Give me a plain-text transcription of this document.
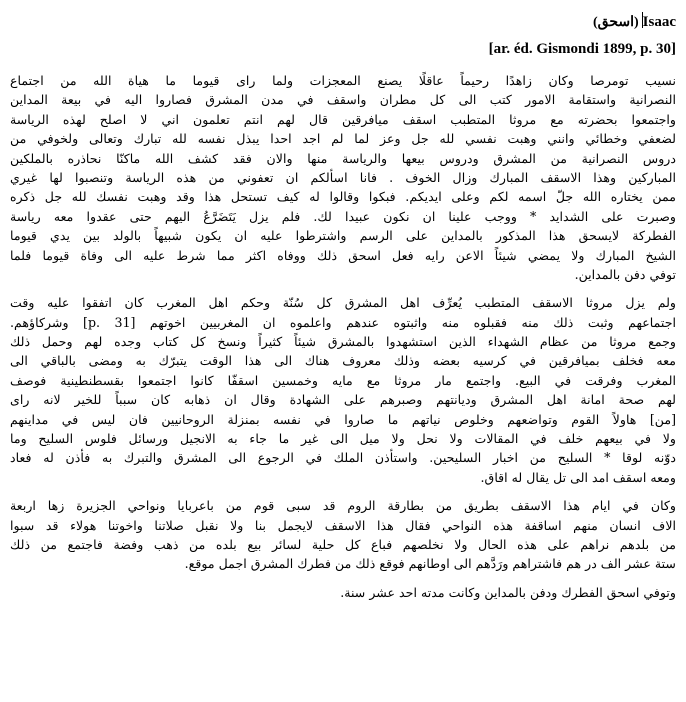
(اسحق) Isaac
[ar. éd. Gismondi 1899, p. 30]
نسيب تومرصا وكان زاهدًا رحيماً عاقلًا يصنع المعجزات ولما راى قيوما ما هياة الله من اجتماع
النصرانية واستقامة الامور كتب الى كل مطران واسقف في مدن المشرق فصاروا اليه في بيعة المداين
واجتمعوا بحضرته مع مروثا المتطبب اسقف ميافرقين قال لهم انتم تعلمون اني لا اصلح لهذه الرياسة
لضعفي وخطائي وانني وهبت نفسي لله جل وعز لما لم اجد احدا يبذل نفسه لله تبارك وتعالى ولخوفي من
دروس النصرانية من المشرق ودروس بيعها والرياسة منها والان فقد كشف الله ماكنّا نحاذره بالملكين
المباركين وهذا الاسقف المبارك وزال الخوف . فانا اسألكم ان تعفوني من هذه الرياسة وتنصبوا لها غيري
ممن يختاره الله جلّ اسمه لكم وعلى ايديكم. فبكوا وقالوا له كيف تستحل هذا وقد وهبت نفسك لله جل ذكره
وصبرت على الشدايد * ووجب علينا ان نكون عبيدا لك. فلم يزل يَتَضَرَّعُ اليهم حتى عقدوا معه رياسة
الفطركة لايسحق هذا المذكور بالمداين على الرسم واشترطوا عليه ان يكون شبيهاً بالولد بين يدي قيوما
الشيخ المبارك ولا يمضي شيئاً الاعن رايه فعل اسحق ذلك ووفاه اكثر مما شرط عليه الى وفاة قيوما فلما
توفي دفن بالمداين.
ولم يزل مروثا الاسقف المتطبب يُعرِّف اهل المشرق كل سُنّة وحكم اهل المغرب كان اتفقوا عليه وقت
اجتماعهم وثبت ذلك منه فقبلوه منه واثبتوه عندهم واعلموه ان المغربيين اخوتهم [p. 31] وشركاؤهم.
وجمع مروثا من عظام الشهداء الذين استشهدوا بالمشرق شيئاً كثيراً ونسخ كل كتاب وجده لهم وحمل ذلك
معه فخلف بميافرقين في كرسيه بعضه وذلك معروف هناك الى هذا الوقت يتبرّك به ومضى بالباقي الى
المغرب وفرقت في البيع. واجتمع مار مروثا مع مايه وخمسين اسقفّا كانوا اجتمعوا بقسطنطينية فوصف
لهم صحة امانة اهل المشرق وديانتهم وصبرهم على الشهادة وقال ان ذهابه كان سبباً للخير لانه راى
[من] هاولاً القوم وتواضعهم وخلوص نياتهم ما صاروا في نفسه بمنزلة الروحانيين فان ليس في مداينهم
ولا في بيعهم خلف في المقالات ولا نحل ولا ميل الى غير ما جاء به الانجيل ورسائل فلوس السليح وما
دوّنه لوقا * السليح من اخبار السليحين. واستأذن الملك في الرجوع الى المشرق والتبرك به فأذن له فعاد
ومعه اسقف امد الى تل يقال له اقاق.
وكان في ايام هذا الاسقف بطريق من بطارقة الروم قد سبى قوم من باعربايا ونواحي الجزيرة زها اربعة
الاف انسان منهم اساقفة هذه النواحي فقال هذا الاسقف لايجمل بنا ولا نقبل صلاتنا واخوتنا هولاء قد سبوا
من بلدهم نراهم على هذه الحال ولا نخلصهم فباع كل حلية لسائر بيع بلده من ذهب وفضة فاجتمع من ذلك
ستة عشر الف در هم فاشتراهم ورَدَّهم الى اوطانهم فوقع ذلك من فطرك المشرق اجمل موقع.
وتوفي اسحق الفطرك ودفن بالمداين وكانت مدته احد عشر سنة.
